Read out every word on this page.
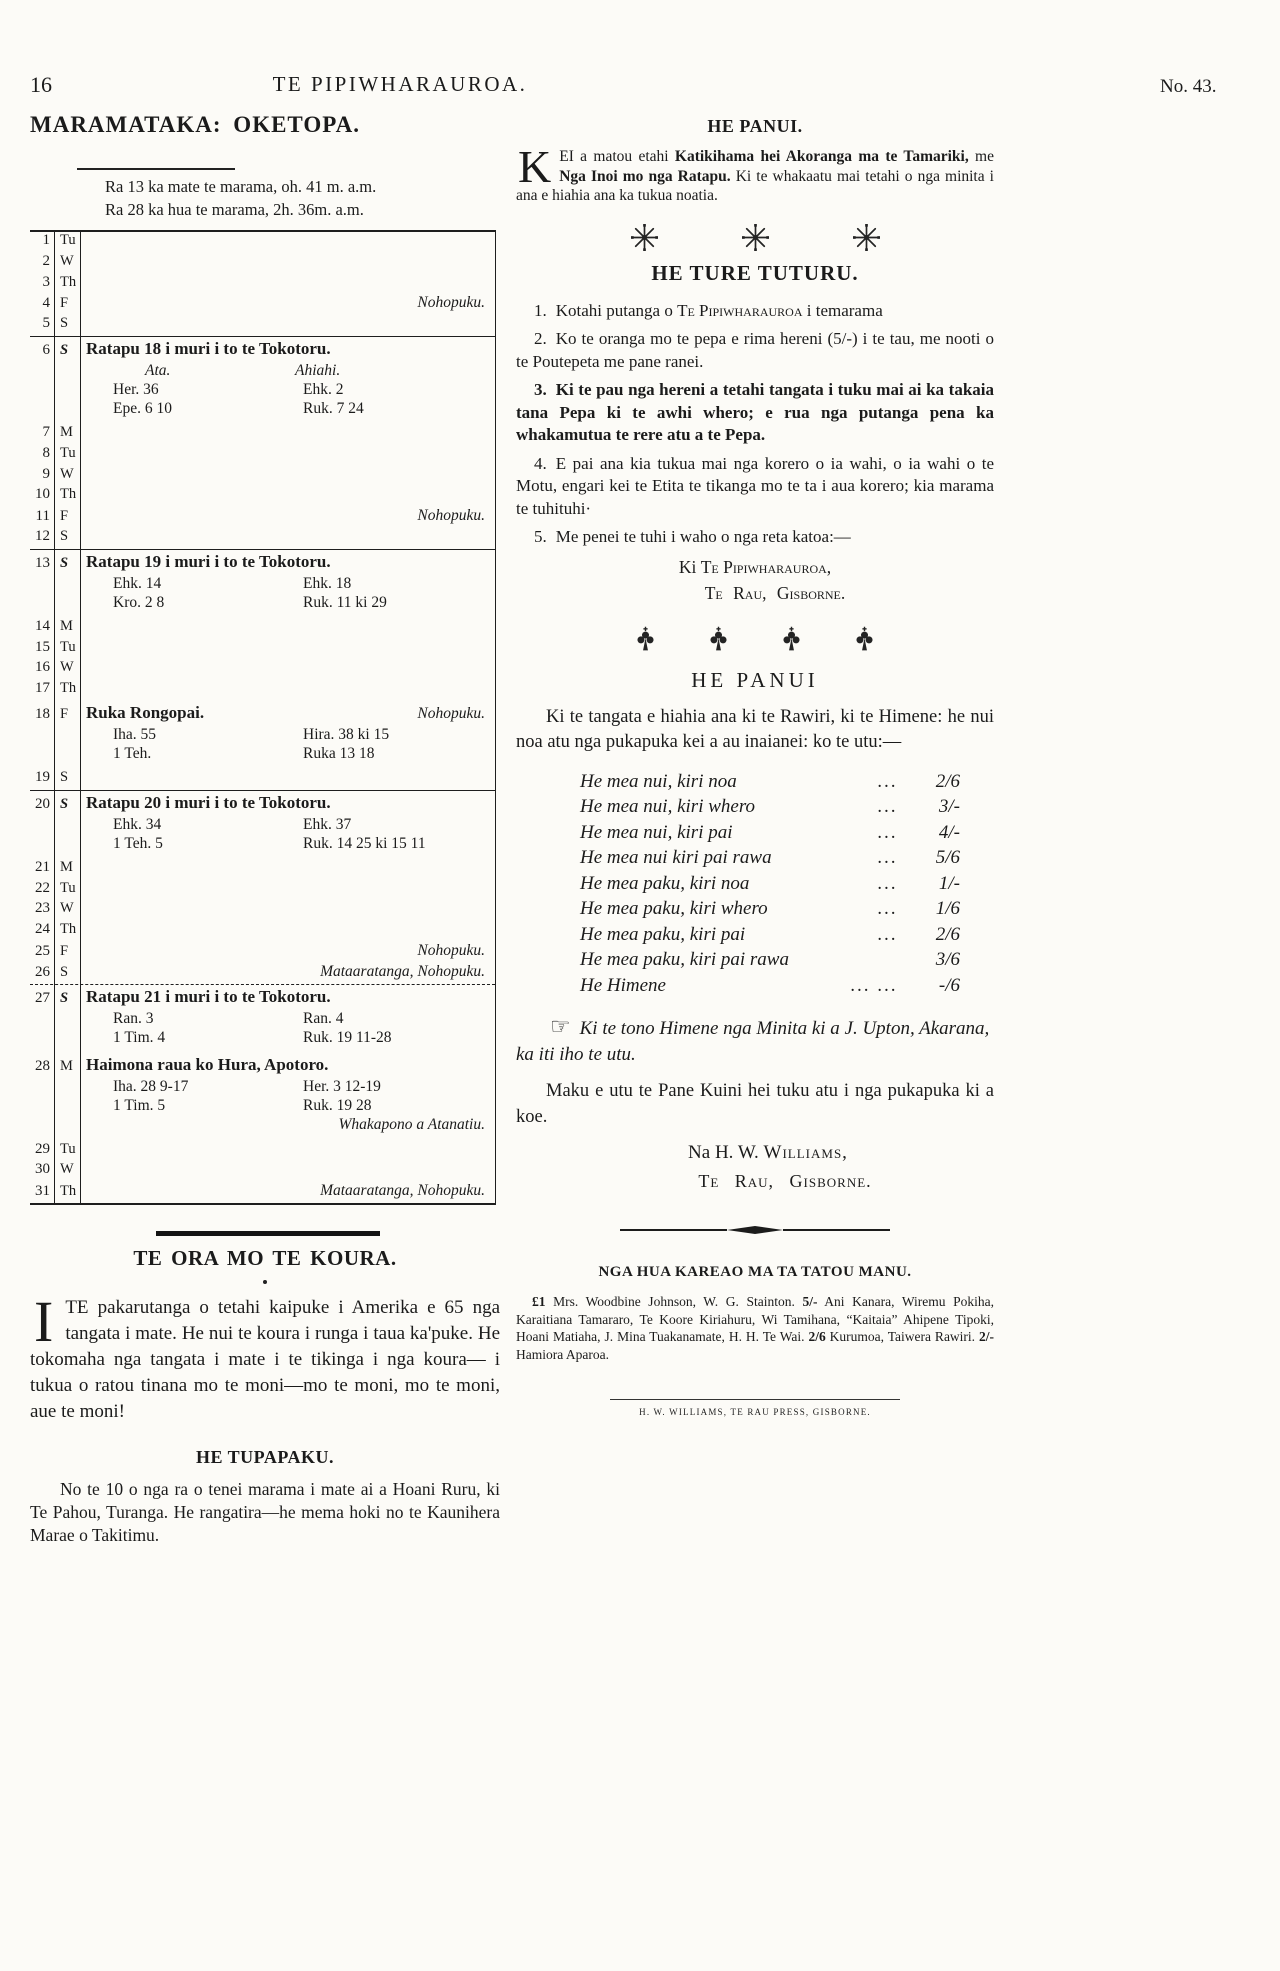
16	TE PIPIWHARAUROA.	No. 43.
MARAMATAKA: OKETOPA.

Ra 13 ka mate te marama, oh. 41 m. a.m.

Ra 28 ka hua te marama, 2h. 36m. a.m.

1 Tu
2 W
3 Th
4 F	Nohopuku.
5 S
6 S	Ratapu 18 i muri i to te Tokotoru.
Ata.	Ahiahi.
Her. 36	Ehk. 2
Epe. 6 10	Ruk. 7 24
7 M
8 Tu
9 W
10 Th
11 F	Nohopuku.
12 S
13 S	Ratapu 19 i muri i to te Tokotoru.
Ehk. 14	Ehk. 18
Kro. 2 8	Ruk. 11 ki 29
14 M
15 Tu
16 W
17 Th
18 F	Ruka Rongopai.	Nohopuku.
Iha. 55	Hira. 38 ki 15
1 Teh.	Ruka 13 18
19 S
20 S	Ratapu 20 i muri i to te Tokotoru.
Ehk. 34	Ehk. 37
1 Teh. 5	Ruk. 14 25 ki 15 11
21 M
22 Tu
23 W
24 Th
25 F	Nohopuku.
26 S	Mataaratanga, Nohopuku.
27 S	Ratapu 21 i muri i to te Tokotoru.
Ran. 3	Ran. 4
1 Tim. 4	Ruk. 19 11-28
28 M Haimona raua ko Hura, Apotoro.
Iha. 28 9-17	Her. 3 12-19
1 Tim. 5	Ruk. 19 28
Whakapono a Atanatiu.
29 Tu
30 W
31 Th	Mataaratanga, Nohopuku.
TE ORA MO TE KOURA.

ITE pakarutanga o tetahi kaipuke i Amerika e 65 nga tangata i mate. He nui te koura i runga i taua ka'puke. He tokomaha nga tangata i mate i te tikinga i nga koura— i tukua o ratou tinana mo te moni—mo te moni, mo te moni, aue te moni!

HE TUPAPAKU.

No te 10 o nga ra o tenei marama i mate ai a Hoani Ruru, ki Te Pahou, Turanga. He rangatira—he mema hoki no te Kaunihera Marae o Takitimu.

HE PANUI.

KEI a matou etahi Katikihama hei Akoranga ma te Tamariki, me Nga Inoi mo nga Ratapu. Ki te whakaatu mai tetahi o nga minita i ana e hiahia ana ka tukua noatia.

HE TURE TUTURU.

1. Kotahi putanga o Te Pipiwharauroa i temarama

2. Ko te oranga mo te pepa e rima hereni (5/-) i te tau, me nooti o te Poutepeta me pane ranei.

3. Ki te pau nga hereni a tetahi tangata i tuku mai ai ka takaia tana Pepa ki te awhi whero; e rua nga putanga pena ka whakamutua te rere atu a te Pepa.

4. E pai ana kia tukua mai nga korero o ia wahi, o ia wahi o te Motu, engari kei te Etita te tikanga mo te ta i aua korero; kia marama te tuhituhi·

5. Me penei te tuhi i waho o nga reta katoa:—

Ki Te Pipiwharauroa,

Te Rau, Gisborne.

HE PANUI

Ki te tangata e hiahia ana ki te Rawiri, ki te Himene: he nui noa atu nga pukapuka kei a au inaianei: ko te utu:—

He mea nui, kiri noa	...	2/6
He mea nui, kiri whero	...	3/-
He mea nui, kiri pai	...	4/-
He mea nui kiri pai rawa	...	5/6
He mea paku, kiri noa	...	1/-
He mea paku, kiri whero	...	1/6
He mea paku, kiri pai	...	2/6
He mea paku, kiri pai rawa	3/6
He Himene	... ...	-/6

☞ Ki te tono Himene nga Minita ki a J. Upton, Akarana, ka iti iho te utu.

Maku e utu te Pane Kuini hei tuku atu i nga pukapuka ki a koe.

Na H. W. Williams,

Te Rau, Gisborne.

NGA HUA KAREAO MA TA TATOU MANU.

£1 Mrs. Woodbine Johnson, W. G. Stainton. 5/- Ani Kanara, Wiremu Pokiha, Karaitiana Tamararo, Te Koore Kiriahuru, Wi Tamihana, “Kaitaia” Ahipene Tipoki, Hoani Matiaha, J. Mina Tuakanamate, H. H. Te Wai. 2/6 Kurumoa, Taiwera Rawiri. 2/- Hamiora Aparoa.

H. W. WILLIAMS, TE RAU PRESS, GISBORNE.
